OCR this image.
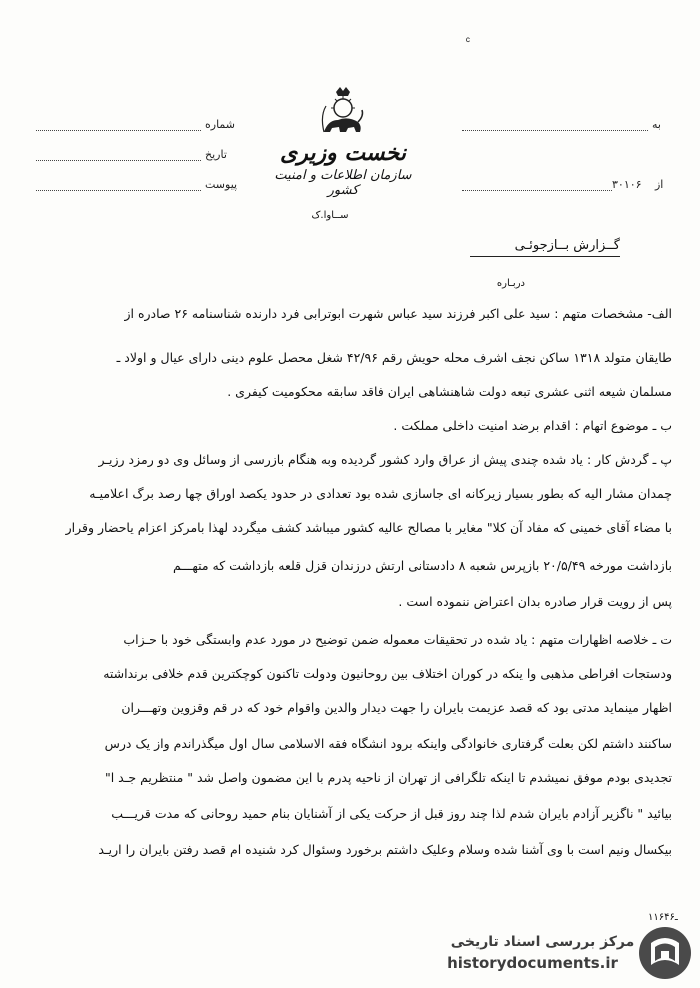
شماره
تاریخ
پیوست
به
از
۳۰۱۰۶
نخست وزیری
سازمان اطلاعات و امنیت کشور
ســاوا.ک
گــزارش بــازجوئـی
دربـاره
الف- مشخصات متهم : سید علی اکبر فرزند سید عباس شهرت ابوترابی فرد دارنده شناسنامه ۲۶ صادره از
طایقان متولد ۱۳۱۸ ساکن نجف اشرف محله حویش رقم ۴۲/۹۶ شغل محصل علوم دینی دارای عیال و اولاد ـ
مسلمان شیعه اثنی عشری تبعه دولت شاهنشاهی ایران فاقد سابقه محکومیت کیفری .
ب ـ موضوع اتهام : اقدام برضد امنیت داخلی مملکت .
پ ـ گردش کار : یاد شده چندی پیش از عراق وارد کشور گردیده وبه هنگام بازرسی از وسائل وی دو رمزد رزیـر
چمدان مشار الیه که بطور بسیار زیرکانه ای جاسازی شده بود تعدادی در حدود یکصد اوراق چها رصد برگ اعلامیـه
با مضاء آقای خمینی که مفاد آن کلا" مغایر با مصالح عالیه کشور میباشد کشف میگردد لهذا بامرکز اعزام یاحضار وقرار
بازداشت مورخه ۲۰/۵/۴۹ بازپرس شعبه ۸ دادستانی ارتش درزندان قزل قلعه بازداشت که متهـــم
پس از رویت قرار صادره بدان اعتراض ننموده است .
ت ـ خلاصه اظهارات متهم : یاد شده در تحقیقات معموله ضمن توضیح در مورد عدم وابستگی خود با حـزاب
ودستجات افراطی مذهبی وا ینکه در کوران اختلاف بین روحانیون ودولت تاکنون کوچکترین قدم خلافی برنداشته
اظهار مینماید مدتی بود که قصد عزیمت بایران را جهت دیدار والدین واقوام خود که در قم وقزوین وتهـــران
ساکنند داشتم لکن بعلت گرفتاری خانوادگی واینکه برود انشگاه فقه الاسلامی سال اول میگذراندم واز یک درس
تجدیدی بودم موفق نمیشدم تا اینکه تلگرافی از تهران از ناحیه پدرم با این مضمون واصل شد " منتظریم جـد ا"
بیائید " ناگزیر آزادم بایران شدم لذا چند روز قبل از حرکت یکی از آشنایان بنام حمید روحانی که مدت قریـــب
بیکسال ونیم است با وی آشنا شده وسلام وعلیک داشتم برخورد وسئوال کرد شنیده ام قصد رفتن بایران را اریـد
۱۱۶ـ۴۶
مرکز بررسی اسناد تاریخی
historydocuments.ir
